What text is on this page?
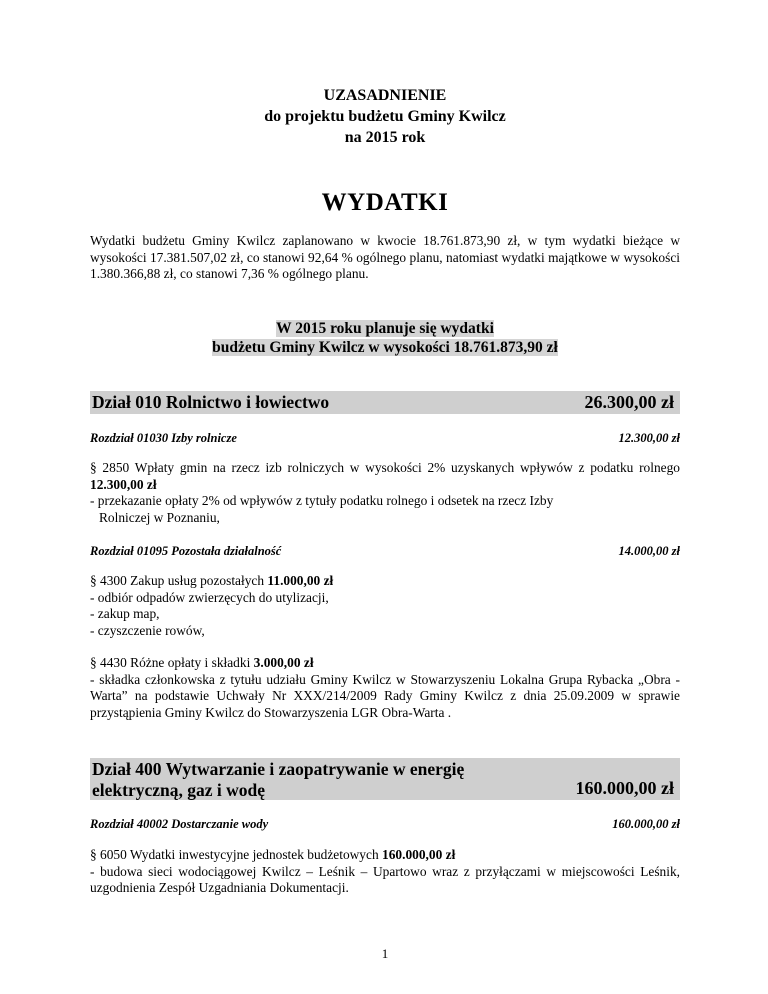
UZASADNIENIE
do projektu budżetu Gminy Kwilcz
na 2015 rok
WYDATKI
Wydatki budżetu Gminy Kwilcz zaplanowano w kwocie 18.761.873,90 zł, w tym wydatki bieżące w wysokości 17.381.507,02 zł, co stanowi 92,64 % ogólnego planu, natomiast wydatki majątkowe w wysokości 1.380.366,88 zł, co stanowi 7,36 % ogólnego planu.
W 2015 roku planuje się wydatki
budżetu Gminy Kwilcz w wysokości 18.761.873,90 zł
Dział 010 Rolnictwo i łowiectwo	26.300,00 zł
Rozdział 01030 Izby rolnicze	12.300,00 zł
§ 2850 Wpłaty gmin na rzecz izb rolniczych w wysokości 2% uzyskanych wpływów z podatku rolnego 12.300,00 zł
- przekazanie opłaty 2% od wpływów z tytuły podatku rolnego i odsetek na rzecz Izby
Rolniczej w Poznaniu,
Rozdział 01095 Pozostała działalność	14.000,00 zł
§ 4300 Zakup usług pozostałych 11.000,00 zł
- odbiór odpadów zwierzęcych do utylizacji,
- zakup map,
- czyszczenie rowów,
§ 4430 Różne opłaty i składki 3.000,00 zł
- składka członkowska z tytułu udziału Gminy Kwilcz w Stowarzyszeniu Lokalna Grupa Rybacka „Obra - Warta” na podstawie Uchwały Nr XXX/214/2009 Rady Gminy Kwilcz z dnia 25.09.2009 w sprawie przystąpienia Gminy Kwilcz do Stowarzyszenia LGR Obra-Warta .
Dział 400 Wytwarzanie i zaopatrywanie w energię
elektryczną, gaz i wodę	160.000,00 zł
Rozdział 40002 Dostarczanie wody	160.000,00 zł
§ 6050 Wydatki inwestycyjne jednostek budżetowych 160.000,00 zł
- budowa sieci wodociągowej Kwilcz – Leśnik – Upartowo wraz z przyłączami w miejscowości Leśnik, uzgodnienia Zespół Uzgadniania Dokumentacji.
1
